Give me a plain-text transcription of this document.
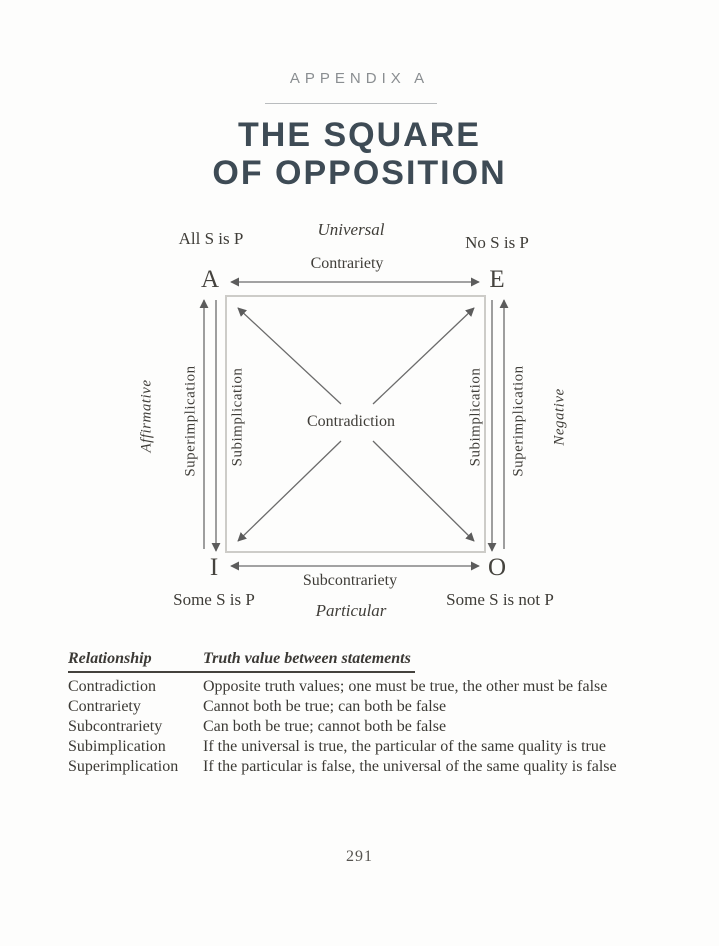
APPENDIX A
THE SQUARE
OF OPPOSITION
All S is P	Universal
No S is P
Contrariety
A	E
I	O
Contradiction
Affirmative Superimplication Subimplication	Subimplication Superimplication Negative
Subcontrariety
Some S is P
Particular
Some S is not P
Relationship	Truth value between statements
Contradiction	Opposite truth values; one must be true, the other must be false
Contrariety	Cannot both be true; can both be false
Subcontrariety	Can both be true; cannot both be false
Subimplication	If the universal is true, the particular of the same quality is true
Superimplication	If the particular is false, the universal of the same quality is false
291
